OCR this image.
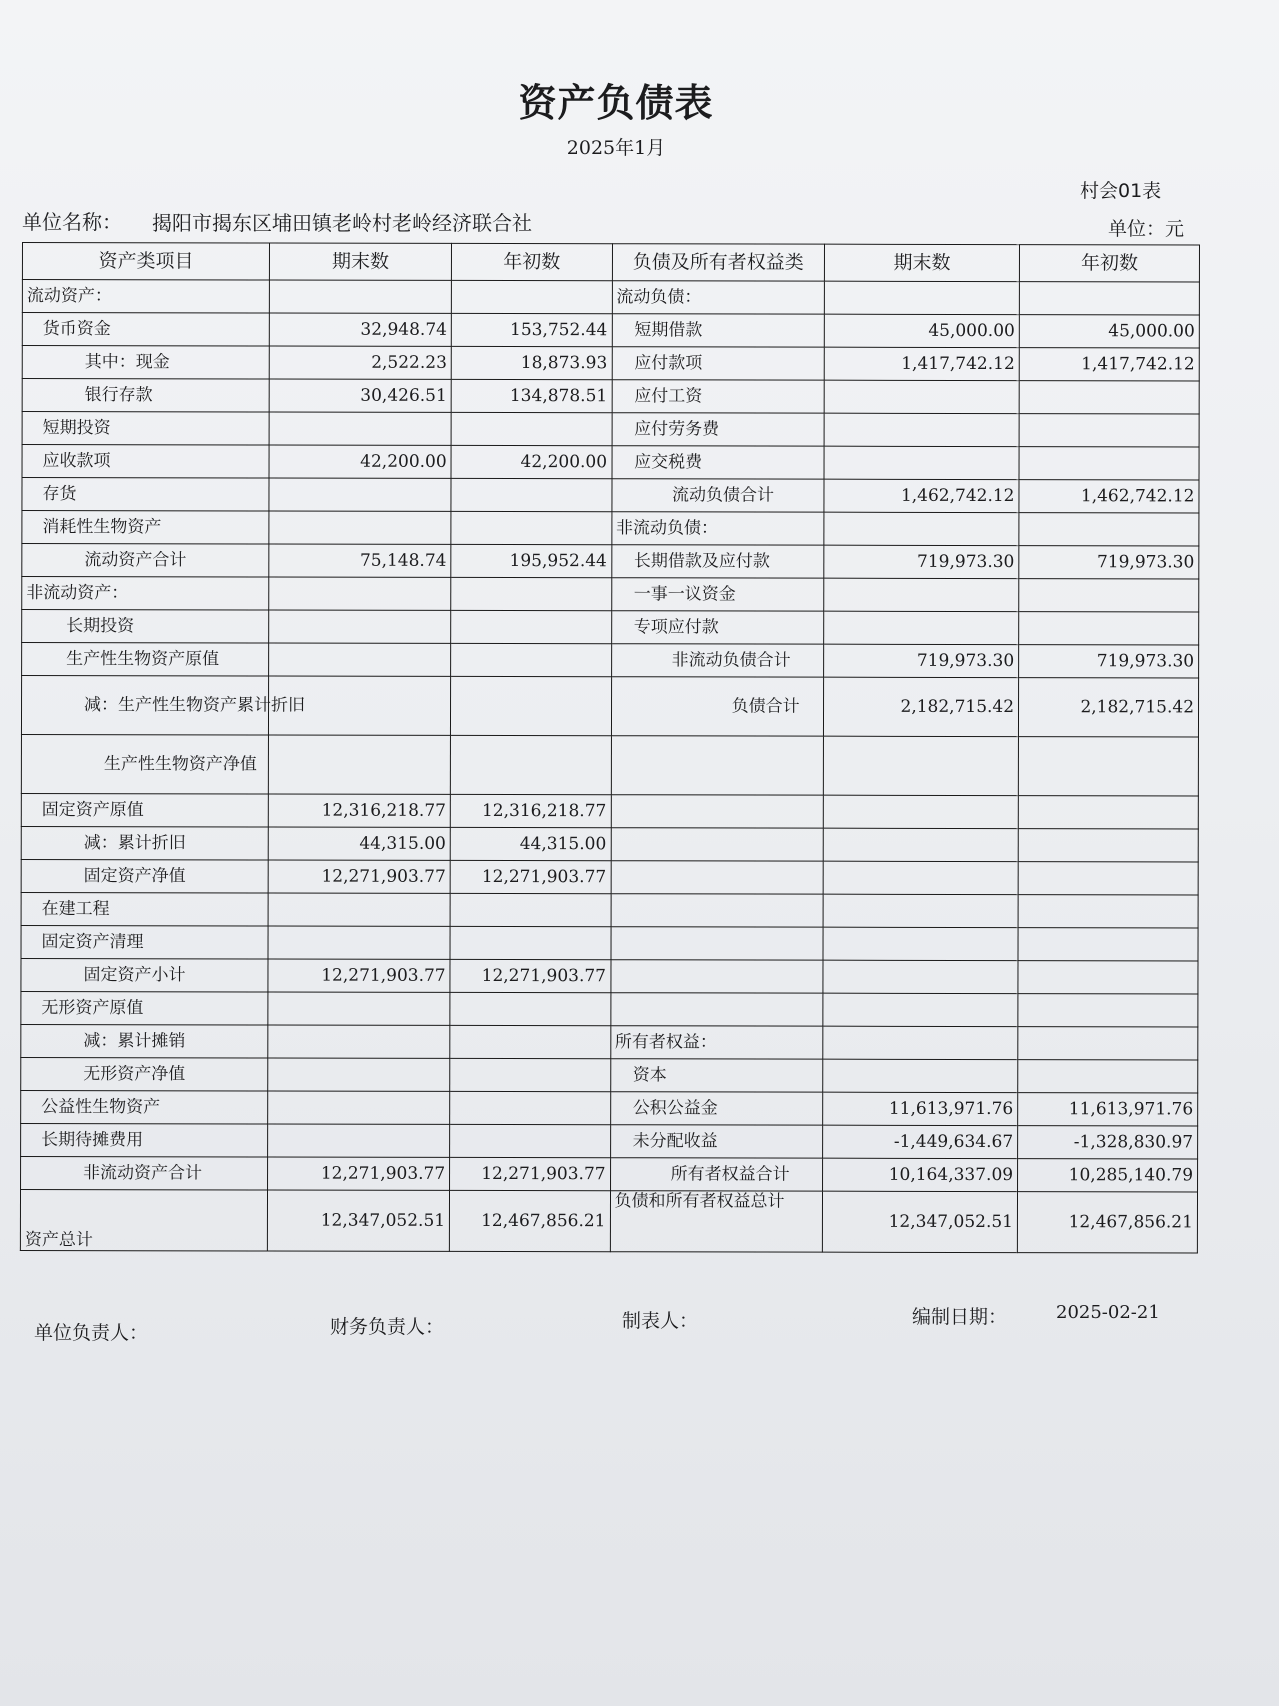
资产负债表
2025年1月
村会01表
单位名称： 揭阳市揭东区埔田镇老岭村老岭经济联合社	单位：元
资产类项目	期末数	年初数	负债及所有者权益类	期末数	年初数
流动资产：			流动负债：		
货币资金	32,948.74	153,752.44	短期借款	45,000.00	45,000.00
其中：现金	2,522.23	18,873.93	应付款项	1,417,742.12	1,417,742.12
银行存款	30,426.51	134,878.51	应付工资		
短期投资			应付劳务费		
应收款项	42,200.00	42,200.00	应交税费		
存货			流动负债合计	1,462,742.12	1,462,742.12
消耗性生物资产			非流动负债：		
流动资产合计	75,148.74	195,952.44	长期借款及应付款	719,973.30	719,973.30
非流动资产：			一事一议资金		
长期投资			专项应付款		
生产性生物资产原值			非流动负债合计	719,973.30	719,973.30
减：生产性生物资产累计折旧			负债合计	2,182,715.42	2,182,715.42
生产性生物资产净值					
固定资产原值	12,316,218.77	12,316,218.77			
减：累计折旧	44,315.00	44,315.00			
固定资产净值	12,271,903.77	12,271,903.77			
在建工程					
固定资产清理					
固定资产小计	12,271,903.77	12,271,903.77			
无形资产原值					
减：累计摊销			所有者权益：		
无形资产净值			资本		
公益性生物资产			公积公益金	11,613,971.76	11,613,971.76
长期待摊费用			未分配收益	-1,449,634.67	-1,328,830.97
非流动资产合计	12,271,903.77	12,271,903.77	所有者权益合计	10,164,337.09	10,285,140.79
资产总计	12,347,052.51	12,467,856.21	负债和所有者权益总计	12,347,052.51	12,467,856.21
单位负责人：	财务负责人：	制表人：	编制日期：	2025-02-21
